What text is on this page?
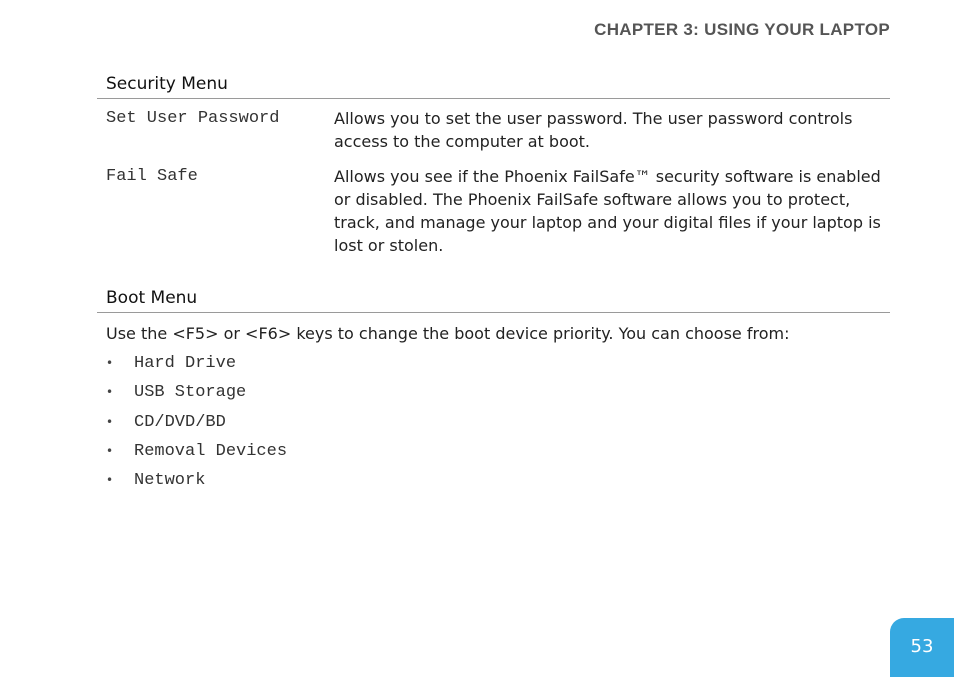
CHAPTER 3: USING YOUR LAPTOP
Security Menu
Set User Password	Allows you to set the user password. The user password controls access to the computer at boot.
Fail Safe	Allows you see if the Phoenix FailSafe™ security software is enabled or disabled. The Phoenix FailSafe software allows you to protect, track, and manage your laptop and your digital files if your laptop is lost or stolen.
Boot Menu
Use the <F5> or <F6> keys to change the boot device priority. You can choose from:
• Hard Drive
• USB Storage
• CD/DVD/BD
• Removal Devices
• Network
53
